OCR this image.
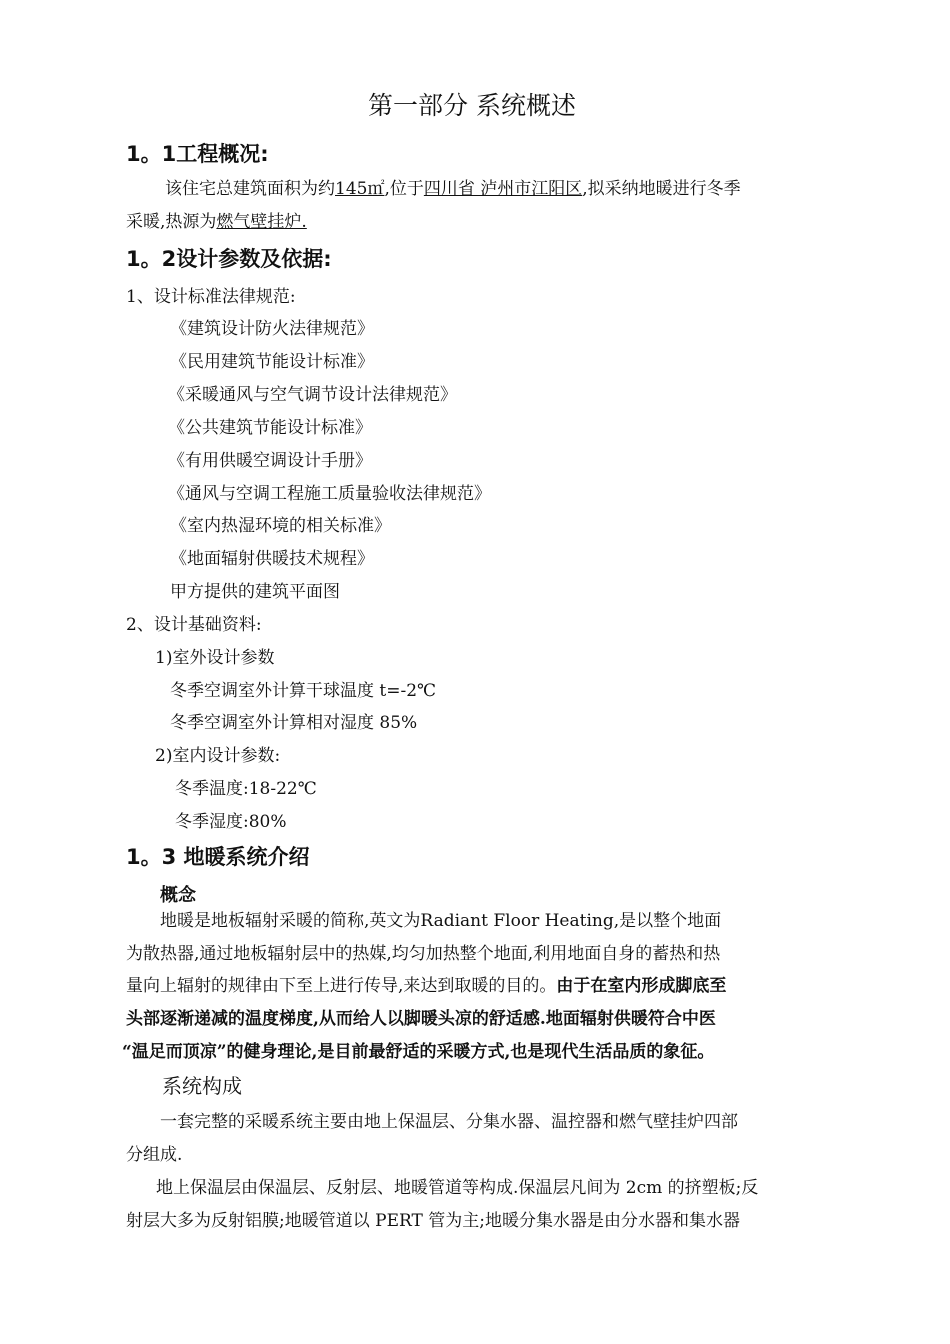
第一部分 系统概述
1。1工程概况:
该住宅总建筑面积为约145㎡,位于四川省 泸州市江阳区,拟采纳地暖进行冬季
采暖,热源为燃气壁挂炉.
1。2设计参数及依据:
1、设计标准法律规范:
《建筑设计防火法律规范》
《民用建筑节能设计标准》
《采暖通风与空气调节设计法律规范》
《公共建筑节能设计标准》
《有用供暖空调设计手册》
《通风与空调工程施工质量验收法律规范》
《室内热湿环境的相关标准》
《地面辐射供暖技术规程》
甲方提供的建筑平面图
2、设计基础资料:
1)室外设计参数
冬季空调室外计算干球温度 t=-2℃
冬季空调室外计算相对湿度 85%
2)室内设计参数:
冬季温度:18-22℃
冬季湿度:80%
1。3 地暖系统介绍
概念
地暖是地板辐射采暖的简称,英文为Radiant Floor Heating,是以整个地面
为散热器,通过地板辐射层中的热媒,均匀加热整个地面,利用地面自身的蓄热和热
量向上辐射的规律由下至上进行传导,来达到取暖的目的。由于在室内形成脚底至
头部逐渐递减的温度梯度,从而给人以脚暖头凉的舒适感.地面辐射供暖符合中医
“温足而顶凉”的健身理论,是目前最舒适的采暖方式,也是现代生活品质的象征。
系统构成
一套完整的采暖系统主要由地上保温层、分集水器、温控器和燃气壁挂炉四部
分组成.
地上保温层由保温层、反射层、地暖管道等构成.保温层凡间为 2cm 的挤塑板;反
射层大多为反射铝膜;地暖管道以 PERT 管为主;地暖分集水器是由分水器和集水器
